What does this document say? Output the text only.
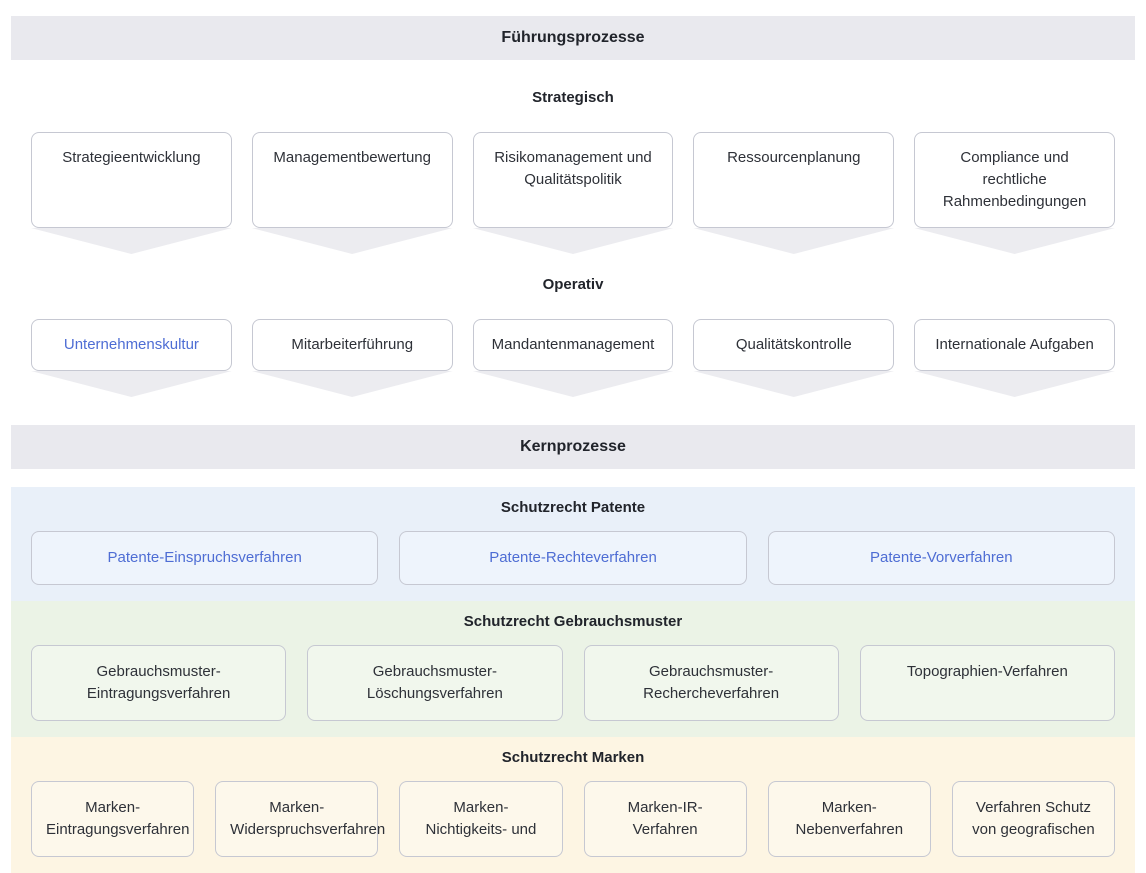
Führungsprozesse
Strategisch
Strategieentwicklung	Managementbewertung	Risikomanagement und Qualitätspolitik
Ressourcenplanung	Compliance und rechtliche Rahmenbedingungen
Operativ
Unternehmenskultur	Mitarbeiterführung	Mandantenmanagement	Qualitätskontrolle	Internationale Aufgaben
Kernprozesse
Schutzrecht Patente
Patente-Einspruchsverfahren	Patente-Rechteverfahren	Patente-Vorverfahren
Schutzrecht Gebrauchsmuster
Gebrauchsmuster-Eintragungsverfahren
Gebrauchsmuster-Löschungsverfahren
Gebrauchsmuster-Rechercheverfahren
Topographien-Verfahren
Schutzrecht Marken
Marken-Eintragungsverfahren
Marken-Widerspruchsverfahren
Marken-Nichtigkeits- und
Marken-IR-Verfahren
Marken-Nebenverfahren
Verfahren Schutz von geografischen
